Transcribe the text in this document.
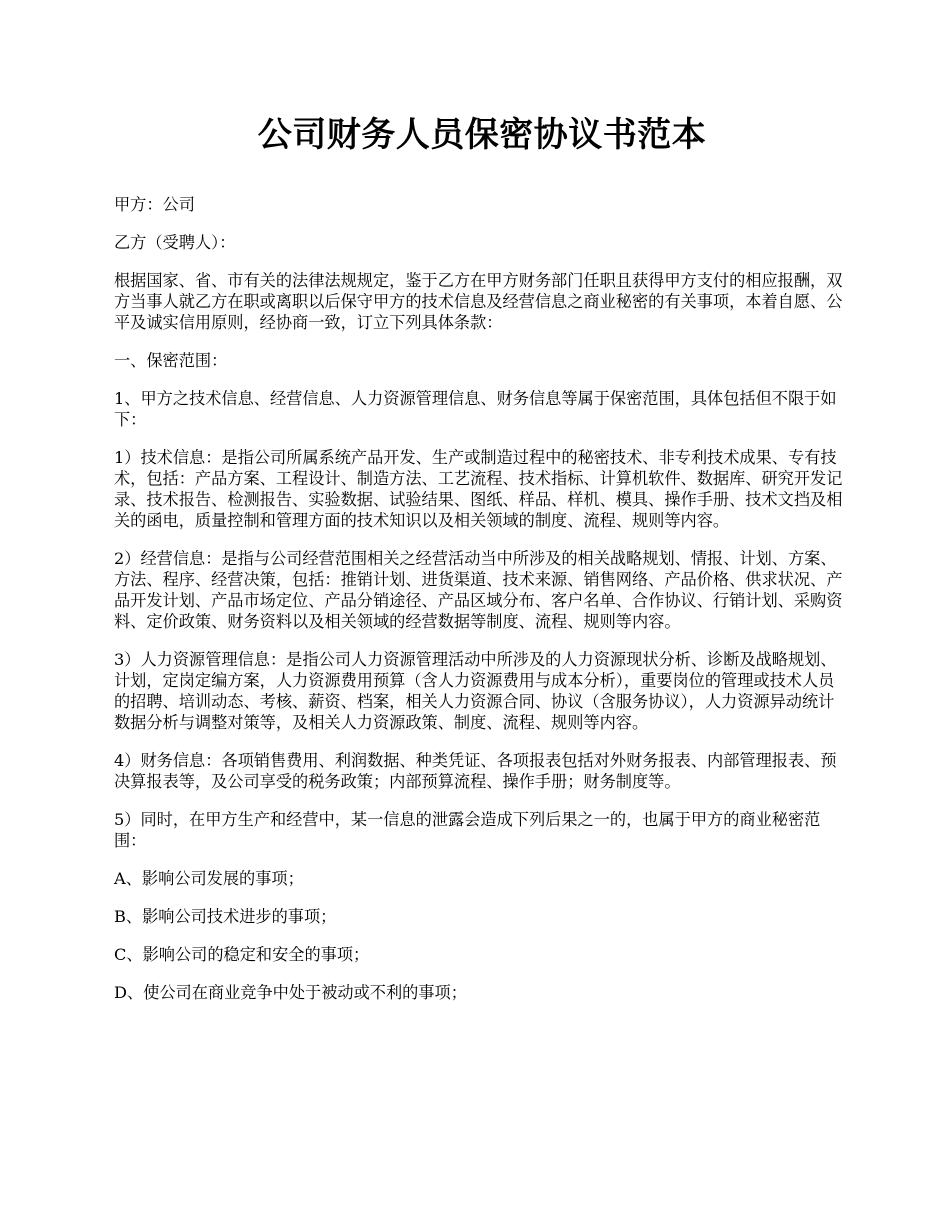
公司财务人员保密协议书范本

甲方：公司

乙方（受聘人）：

根据国家、省、市有关的法律法规规定，鉴于乙方在甲方财务部门任职且获得甲方支付的相应报酬，双方当事人就乙方在职或离职以后保守甲方的技术信息及经营信息之商业秘密的有关事项，本着自愿、公平及诚实信用原则，经协商一致，订立下列具体条款：

一、保密范围：

1、甲方之技术信息、经营信息、人力资源管理信息、财务信息等属于保密范围，具体包括但不限于如下：

1）技术信息：是指公司所属系统产品开发、生产或制造过程中的秘密技术、非专利技术成果、专有技术，包括：产品方案、工程设计、制造方法、工艺流程、技术指标、计算机软件、数据库、研究开发记录、技术报告、检测报告、实验数据、试验结果、图纸、样品、样机、模具、操作手册、技术文挡及相关的函电，质量控制和管理方面的技术知识以及相关领域的制度、流程、规则等内容。

2）经营信息：是指与公司经营范围相关之经营活动当中所涉及的相关战略规划、情报、计划、方案、方法、程序、经营决策，包括：推销计划、进货渠道、技术来源、销售网络、产品价格、供求状况、产品开发计划、产品市场定位、产品分销途径、产品区域分布、客户名单、合作协议、行销计划、采购资料、定价政策、财务资料以及相关领域的经营数据等制度、流程、规则等内容。

3）人力资源管理信息：是指公司人力资源管理活动中所涉及的人力资源现状分析、诊断及战略规划、计划，定岗定编方案，人力资源费用预算（含人力资源费用与成本分析），重要岗位的管理或技术人员的招聘、培训动态、考核、薪资、档案，相关人力资源合同、协议（含服务协议），人力资源异动统计数据分析与调整对策等，及相关人力资源政策、制度、流程、规则等内容。

4）财务信息：各项销售费用、利润数据、种类凭证、各项报表包括对外财务报表、内部管理报表、预决算报表等，及公司享受的税务政策；内部预算流程、操作手册；财务制度等。

5）同时，在甲方生产和经营中，某一信息的泄露会造成下列后果之一的，也属于甲方的商业秘密范围：

A、影响公司发展的事项；

B、影响公司技术进步的事项；

C、影响公司的稳定和安全的事项；

D、使公司在商业竞争中处于被动或不利的事项；
